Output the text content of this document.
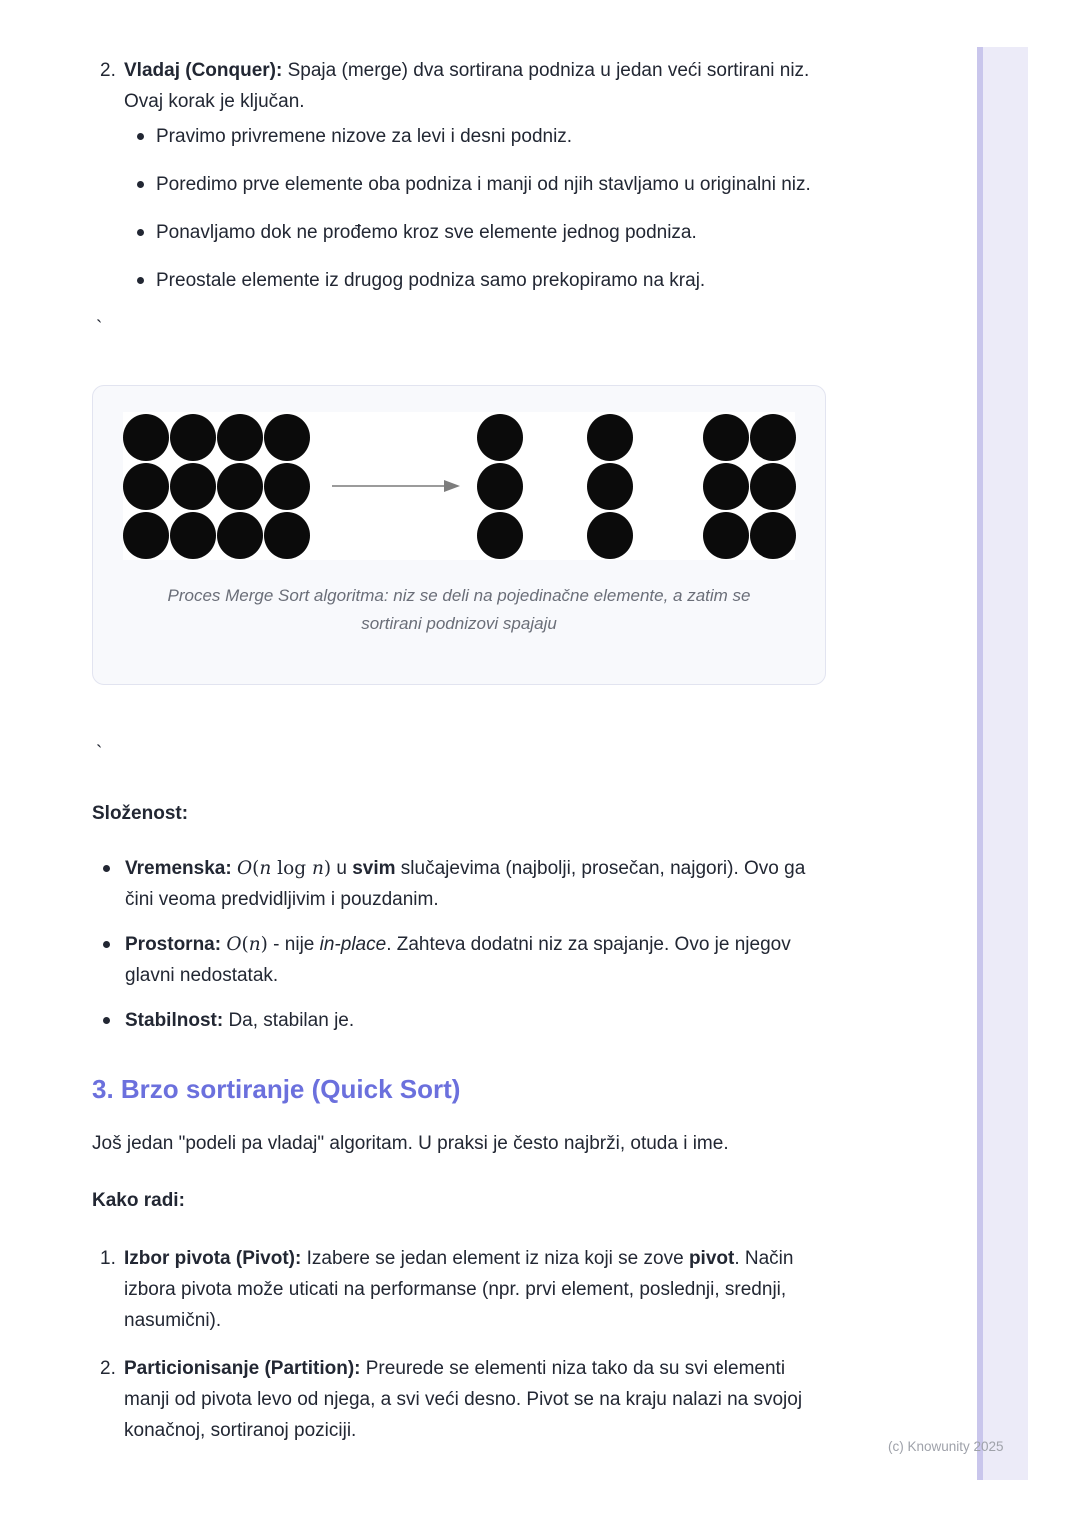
(c) Knowunity 2025
2. Vladaj (Conquer): Spaja (merge) dva sortirana podniza u jedan veći sortirani niz. Ovaj korak je ključan.
Pravimo privremene nizove za levi i desni podniz.
Poredimo prve elemente oba podniza i manji od njih stavljamo u originalni niz.
Ponavljamo dok ne prođemo kroz sve elemente jednog podniza.
Preostale elemente iz drugog podniza samo prekopiramo na kraj.
`
Proces Merge Sort algoritma: niz se deli na pojedinačne elemente, a zatim se sortirani podnizovi spajaju
`

Složenost:

Vremenska: O(n log n) u svim slučajevima (najbolji, prosečan, najgori). Ovo ga čini veoma predvidljivim i pouzdanim.
Prostorna: O(n) - nije in-place. Zahteva dodatni niz za spajanje. Ovo je njegov glavni nedostatak.
Stabilnost: Da, stabilan je.
3. Brzo sortiranje (Quick Sort)

Još jedan "podeli pa vladaj" algoritam. U praksi je često najbrži, otuda i ime.

Kako radi:

1. Izbor pivota (Pivot): Izabere se jedan element iz niza koji se zove pivot. Način izbora pivota može uticati na performanse (npr. prvi element, poslednji, srednji, nasumični).
2. Particionisanje (Partition): Preurede se elementi niza tako da su svi elementi manji od pivota levo od njega, a svi veći desno. Pivot se na kraju nalazi na svojoj konačnoj, sortiranoj poziciji.
